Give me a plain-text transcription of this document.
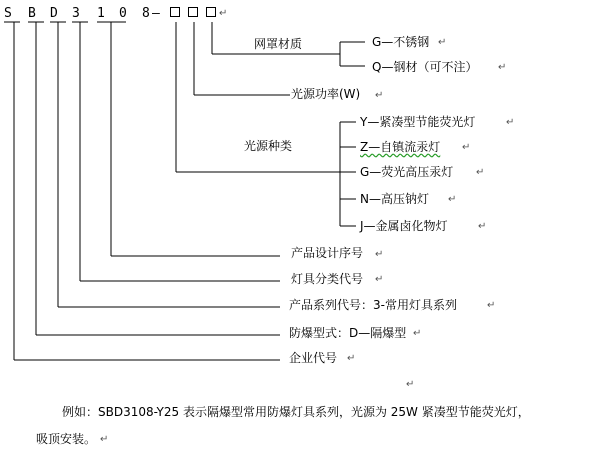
S B D 3 1 0 8 —	↵
网罩材质	G—不锈钢 ↵
Q—钢材（可不注） ↵
光源功率(W) ↵
光源种类
Y—紧凑型节能荧光灯	↵
Z—自镇流汞灯 ↵
G—荧光高压汞灯 ↵
N—高压钠灯 ↵
J—金属卤化物灯	↵
产品设计序号 ↵
灯具分类代号 ↵
产品系列代号：3-常用灯具系列	↵
防爆型式：D—隔爆型 ↵
企业代号 ↵
↵
例如：SBD3108-Y25 表示隔爆型常用防爆灯具系列，光源为 25W 紧凑型节能荧光灯，
吸顶安装。 ↵
